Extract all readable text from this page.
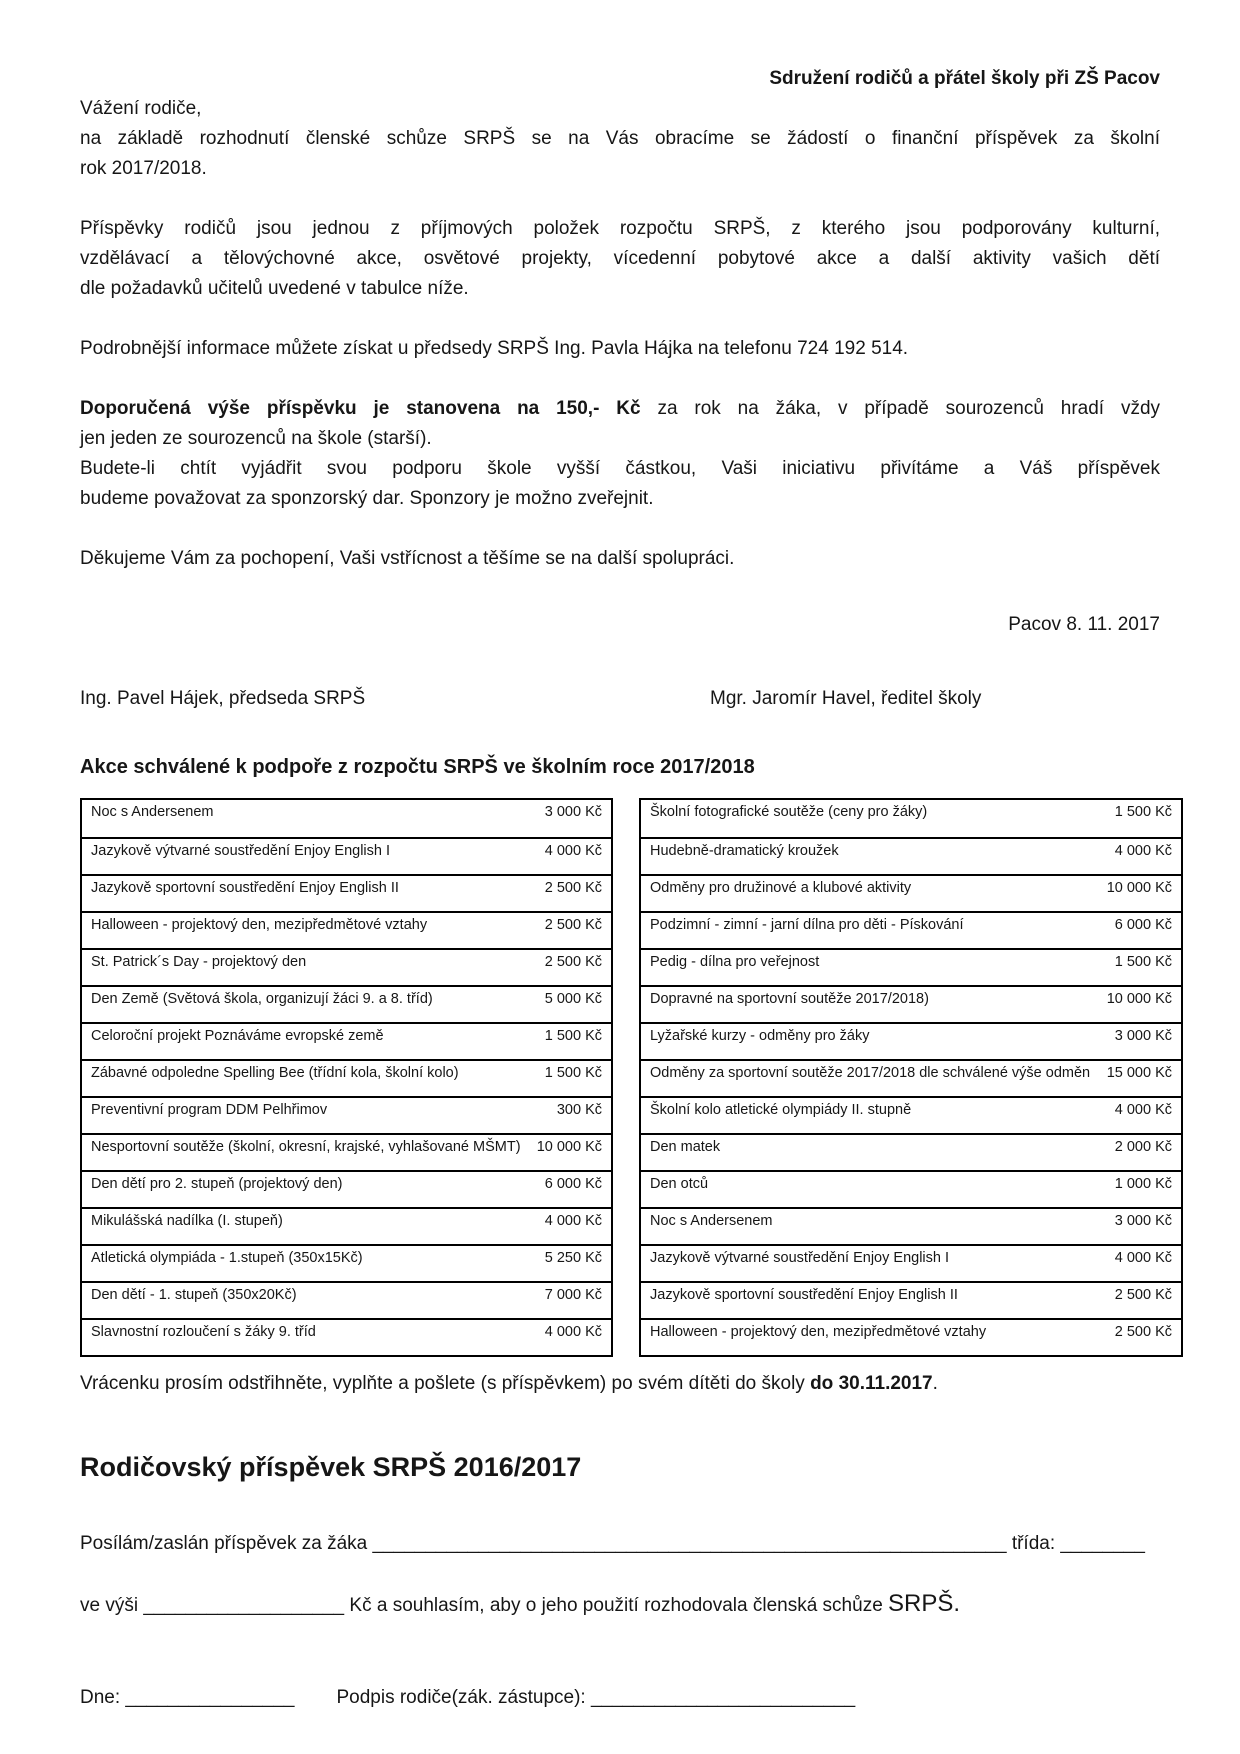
Sdružení rodičů a přátel školy při ZŠ Pacov
Vážení rodiče,
na základě rozhodnutí členské schůze SRPŠ se na Vás obracíme se žádostí o finanční příspěvek za školní
rok 2017/2018.
Příspěvky rodičů jsou jednou z příjmových položek rozpočtu SRPŠ, z kterého jsou podporovány kulturní,
vzdělávací a tělovýchovné akce, osvětové projekty, vícedenní pobytové akce a další aktivity vašich dětí
dle požadavků učitelů uvedené v tabulce níže.
Podrobnější informace můžete získat u předsedy SRPŠ Ing. Pavla Hájka na telefonu 724 192 514.
Doporučená výše příspěvku je stanovena na 150,- Kč za rok na žáka, v případě sourozenců hradí vždy
jen jeden ze sourozenců na škole (starší).
Budete-li chtít vyjádřit svou podporu škole vyšší částkou, Vaši iniciativu přivítáme a Váš příspěvek
budeme považovat za sponzorský dar. Sponzory je možno zveřejnit.
Děkujeme Vám za pochopení, Vaši vstřícnost a těšíme se na další spolupráci.
Pacov 8. 11. 2017
Ing. Pavel Hájek, předseda SRPŠ	Mgr. Jaromír Havel, ředitel školy
Akce schválené k podpoře z rozpočtu SRPŠ ve školním roce 2017/2018
Noc s Andersenem	3 000 Kč
Jazykově výtvarné soustředění Enjoy English I	4 000 Kč
Jazykově sportovní soustředění Enjoy English II	2 500 Kč
Halloween - projektový den, mezipředmětové vztahy	2 500 Kč
St. Patrick´s Day - projektový den	2 500 Kč
Den Země (Světová škola, organizují žáci 9. a 8. tříd)	5 000 Kč
Celoroční projekt Poznáváme evropské země	1 500 Kč
Zábavné odpoledne Spelling Bee (třídní kola, školní kolo)	1 500 Kč
Preventivní program DDM Pelhřimov	300 Kč
Nesportovní soutěže (školní, okresní, krajské, vyhlašované MŠMT)	10 000 Kč
Den dětí pro 2. stupeň (projektový den)	6 000 Kč
Mikulášská nadílka (I. stupeň)	4 000 Kč
Atletická olympiáda - 1.stupeň (350x15Kč)	5 250 Kč
Den dětí - 1. stupeň (350x20Kč)	7 000 Kč
Slavnostní rozloučení s žáky 9. tříd	4 000 Kč
Školní fotografické soutěže (ceny pro žáky)	1 500 Kč
Hudebně-dramatický kroužek	4 000 Kč
Odměny pro družinové a klubové aktivity	10 000 Kč
Podzimní - zimní - jarní dílna pro děti - Pískování	6 000 Kč
Pedig - dílna pro veřejnost	1 500 Kč
Dopravné na sportovní soutěže 2017/2018)	10 000 Kč
Lyžařské kurzy - odměny pro žáky	3 000 Kč
Odměny za sportovní soutěže 2017/2018 dle schválené výše odměn	15 000 Kč
Školní kolo atletické olympiády II. stupně	4 000 Kč
Den matek	2 000 Kč
Den otců	1 000 Kč
Noc s Andersenem	3 000 Kč
Jazykově výtvarné soustředění Enjoy English I	4 000 Kč
Jazykově sportovní soustředění Enjoy English II	2 500 Kč
Halloween - projektový den, mezipředmětové vztahy	2 500 Kč
Vrácenku prosím odstřihněte, vyplňte a pošlete (s příspěvkem) po svém dítěti do školy do 30.11.2017.
Rodičovský příspěvek SRPŠ 2016/2017
Posílám/zaslán příspěvek za žáka ____________________________________________________________ třída: ________
ve výši ___________________ Kč a souhlasím, aby o jeho použití rozhodovala členská schůze SRPŠ.
Dne: ________________ Podpis rodiče(zák. zástupce): _________________________
